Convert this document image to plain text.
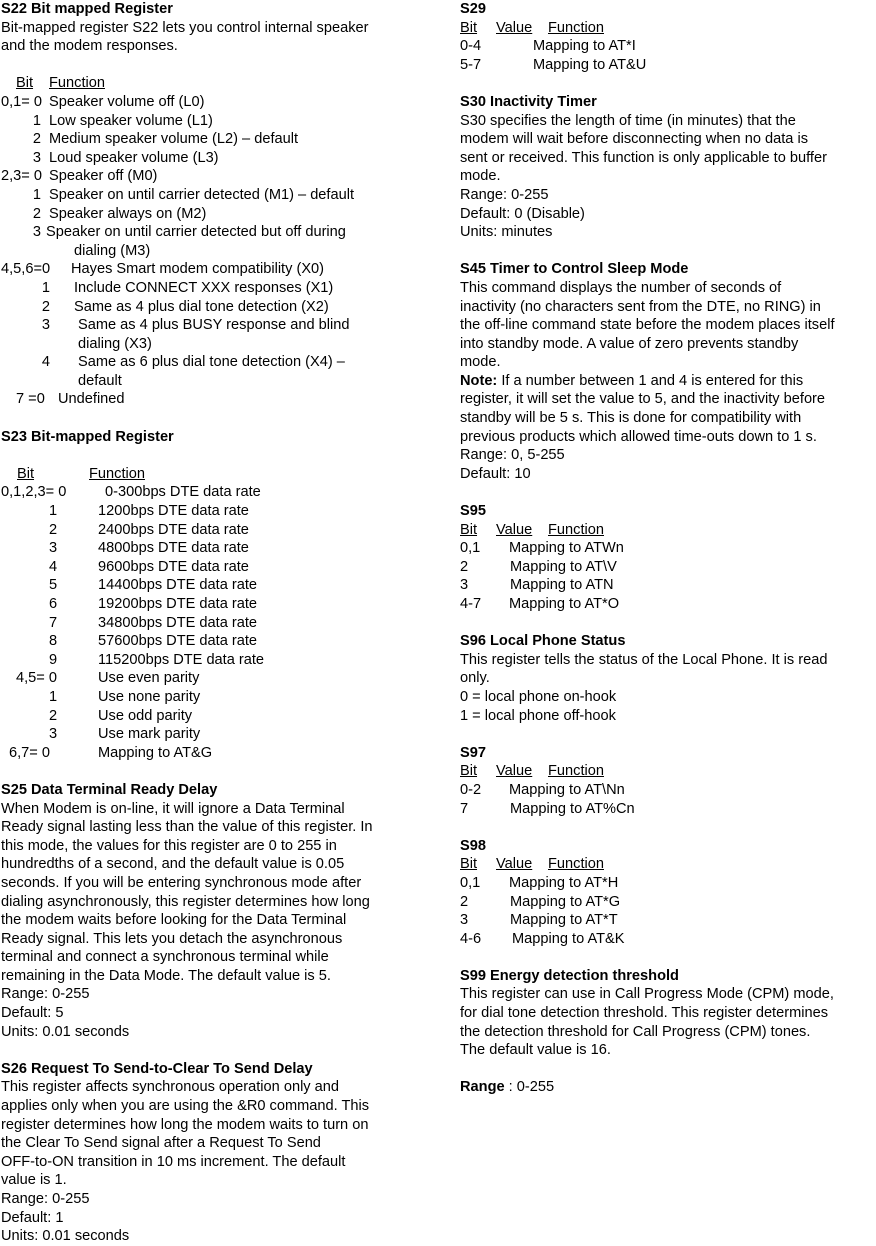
S22 Bit mapped Register
Bit-mapped register S22 lets you control internal speaker
and the modem responses.
Bit Function
0,1= 0 Speaker volume off (L0)
1 Low speaker volume (L1)
2 Medium speaker volume (L2) – default
3 Loud speaker volume (L3)
2,3= 0 Speaker off (M0)
1 Speaker on until carrier detected (M1) – default
2 Speaker always on (M2)
3 Speaker on until carrier detected but off during
dialing (M3)
4,5,6=0 Hayes Smart modem compatibility (X0)
1 Include CONNECT XXX responses (X1)
2 Same as 4 plus dial tone detection (X2)
3 Same as 4 plus BUSY response and blind
dialing (X3)
4 Same as 6 plus dial tone detection (X4) –
default
7 =0 Undefined
S23 Bit-mapped Register
Bit	Function
0,1,2,3= 0	0-300bps DTE data rate
1	1200bps DTE data rate
2	2400bps DTE data rate
3	4800bps DTE data rate
4	9600bps DTE data rate
5	14400bps DTE data rate
6	19200bps DTE data rate
7	34800bps DTE data rate
8	57600bps DTE data rate
9	115200bps DTE data rate
4,5= 0	Use even parity
1	Use none parity
2	Use odd parity
3	Use mark parity
6,7= 0	Mapping to AT&G
S25 Data Terminal Ready Delay
When Modem is on-line, it will ignore a Data Terminal
Ready signal lasting less than the value of this register. In
this mode, the values for this register are 0 to 255 in
hundredths of a second, and the default value is 0.05
seconds. If you will be entering synchronous mode after
dialing asynchronously, this register determines how long
the modem waits before looking for the Data Terminal
Ready signal. This lets you detach the asynchronous
terminal and connect a synchronous terminal while
remaining in the Data Mode. The default value is 5.
Range: 0-255
Default: 5
Units: 0.01 seconds
S26 Request To Send-to-Clear To Send Delay
This register affects synchronous operation only and
applies only when you are using the &R0 command. This
register determines how long the modem waits to turn on
the Clear To Send signal after a Request To Send
OFF-to-ON transition in 10 ms increment. The default
value is 1.
Range: 0-255
Default: 1
Units: 0.01 seconds
S29
Bit Value Function
0-4	Mapping to AT*I
5-7	Mapping to AT&U
S30 Inactivity Timer
S30 specifies the length of time (in minutes) that the
modem will wait before disconnecting when no data is
sent or received. This function is only applicable to buffer
mode.
Range: 0-255
Default: 0 (Disable)
Units: minutes
S45 Timer to Control Sleep Mode
This command displays the number of seconds of
inactivity (no characters sent from the DTE, no RING) in
the off-line command state before the modem places itself
into standby mode. A value of zero prevents standby
mode.
Note: If a number between 1 and 4 is entered for this
register, it will set the value to 5, and the inactivity before
standby will be 5 s. This is done for compatibility with
previous products which allowed time-outs down to 1 s.
Range: 0, 5-255
Default: 10
S95
Bit Value Function
0,1 Mapping to ATWn
2	Mapping to AT\V
3	Mapping to ATN
4-7 Mapping to AT*O
S96 Local Phone Status
This register tells the status of the Local Phone. It is read
only.
0 = local phone on-hook
1 = local phone off-hook
S97
Bit Value Function
0-2 Mapping to AT\Nn
7	Mapping to AT%Cn
S98
Bit Value Function
0,1 Mapping to AT*H
2	Mapping to AT*G
3	Mapping to AT*T
4-6 Mapping to AT&K
S99 Energy detection threshold
This register can use in Call Progress Mode (CPM) mode,
for dial tone detection threshold. This register determines
the detection threshold for Call Progress (CPM) tones.
The default value is 16.
Range : 0-255
